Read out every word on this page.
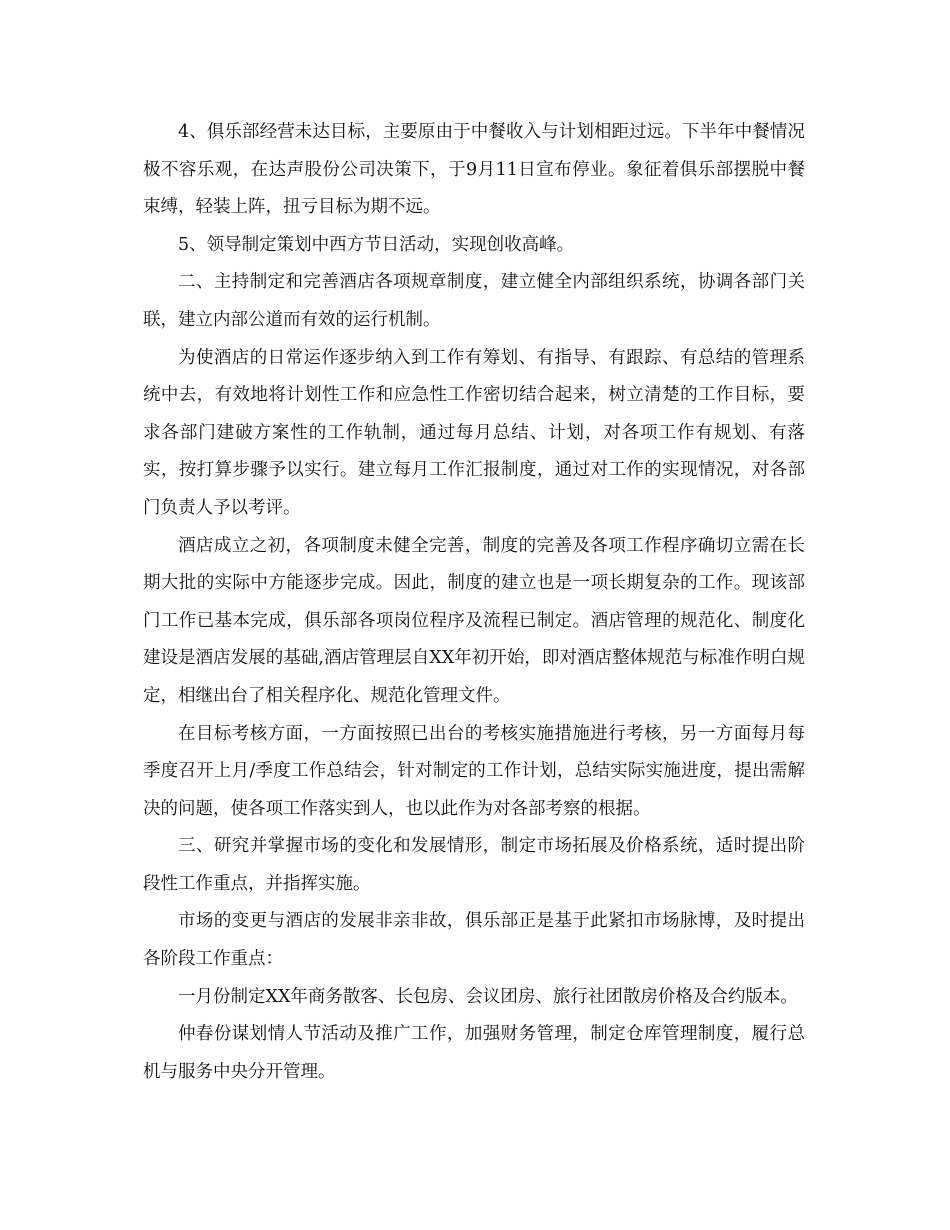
4、俱乐部经营未达目标，主要原由于中餐收入与计划相距过远。下半年中餐情况极不容乐观，在达声股份公司决策下，于9月11日宣布停业。象征着俱乐部摆脱中餐束缚，轻装上阵，扭亏目标为期不远。

5、领导制定策划中西方节日活动，实现创收高峰。

二、主持制定和完善酒店各项规章制度，建立健全内部组织系统，协调各部门关联，建立内部公道而有效的运行机制。

为使酒店的日常运作逐步纳入到工作有筹划、有指导、有跟踪、有总结的管理系统中去，有效地将计划性工作和应急性工作密切结合起来，树立清楚的工作目标，要求各部门建破方案性的工作轨制，通过每月总结、计划，对各项工作有规划、有落实，按打算步骤予以实行。建立每月工作汇报制度，通过对工作的实现情况，对各部门负责人予以考评。

酒店成立之初，各项制度未健全完善，制度的完善及各项工作程序确切立需在长期大批的实际中方能逐步完成。因此，制度的建立也是一项长期复杂的工作。现该部门工作已基本完成，俱乐部各项岗位程序及流程已制定。酒店管理的规范化、制度化建设是酒店发展的基础,酒店管理层自XX年初开始，即对酒店整体规范与标准作明白规定，相继出台了相关程序化、规范化管理文件。

在目标考核方面，一方面按照已出台的考核实施措施进行考核，另一方面每月每季度召开上月/季度工作总结会，针对制定的工作计划，总结实际实施进度，提出需解决的问题，使各项工作落实到人，也以此作为对各部考察的根据。

三、研究并掌握市场的变化和发展情形，制定市场拓展及价格系统，适时提出阶段性工作重点，并指挥实施。

市场的变更与酒店的发展非亲非故，俱乐部正是基于此紧扣市场脉博，及时提出各阶段工作重点：

一月份制定XX年商务散客、长包房、会议团房、旅行社团散房价格及合约版本。

仲春份谋划情人节活动及推广工作，加强财务管理，制定仓库管理制度，履行总机与服务中央分开管理。
